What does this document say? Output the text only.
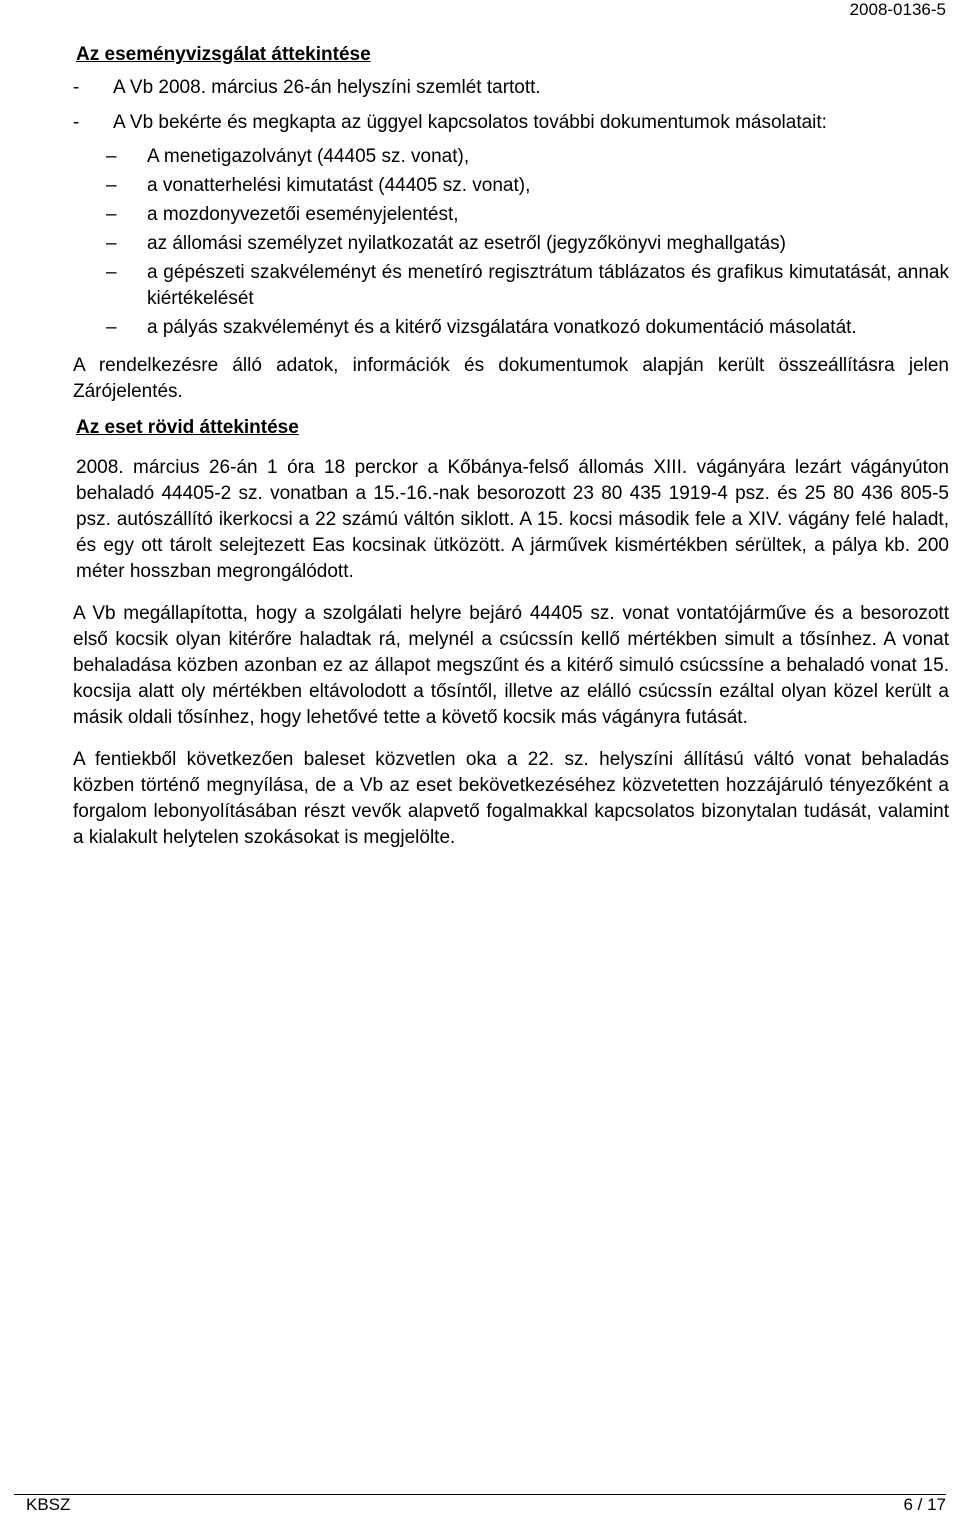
2008-0136-5
Az eseményvizsgálat áttekintése
-	A Vb 2008. március 26-án helyszíni szemlét tartott.
-	A Vb bekérte és megkapta az üggyel kapcsolatos további dokumentumok másolatait:
–	A menetigazolványt (44405 sz. vonat),
–	a vonatterhelési kimutatást (44405 sz. vonat),
–	a mozdonyvezetői eseményjelentést,
–	az állomási személyzet nyilatkozatát az esetről (jegyzőkönyvi meghallgatás)
–	a gépészeti szakvéleményt és menetíró regisztrátum táblázatos és grafikus kimutatását, annak kiértékelését
–	a pályás szakvéleményt és a kitérő vizsgálatára vonatkozó dokumentáció másolatát.

A rendelkezésre álló adatok, információk és dokumentumok alapján került összeállításra jelen Zárójelentés.

Az eset rövid áttekintése

2008. március 26-án 1 óra 18 perckor a Kőbánya-felső állomás XIII. vágányára lezárt vágányúton behaladó 44405-2 sz. vonatban a 15.-16.-nak besorozott 23 80 435 1919-4 psz. és 25 80 436 805-5 psz. autószállító ikerkocsi a 22 számú váltón siklott. A 15. kocsi második fele a XIV. vágány felé haladt, és egy ott tárolt selejtezett Eas kocsinak ütközött. A járművek kismértékben sérültek, a pálya kb. 200 méter hosszban megrongálódott.

A Vb megállapította, hogy a szolgálati helyre bejáró 44405 sz. vonat vontatójárműve és a besorozott első kocsik olyan kitérőre haladtak rá, melynél a csúcssín kellő mértékben simult a tősínhez. A vonat behaladása közben azonban ez az állapot megszűnt és a kitérő simuló csúcssíne a behaladó vonat 15. kocsija alatt oly mértékben eltávolodott a tősíntől, illetve az elálló csúcssín ezáltal olyan közel került a másik oldali tősínhez, hogy lehetővé tette a követő kocsik más vágányra futását.

A fentiekből következően baleset közvetlen oka a 22. sz. helyszíni állítású váltó vonat behaladás közben történő megnyílása, de a Vb az eset bekövetkezéséhez közvetetten hozzájáruló tényezőként a forgalom lebonyolításában részt vevők alapvető fogalmakkal kapcsolatos bizonytalan tudását, valamint a kialakult helytelen szokásokat is megjelölte.

KBSZ	6 / 17
